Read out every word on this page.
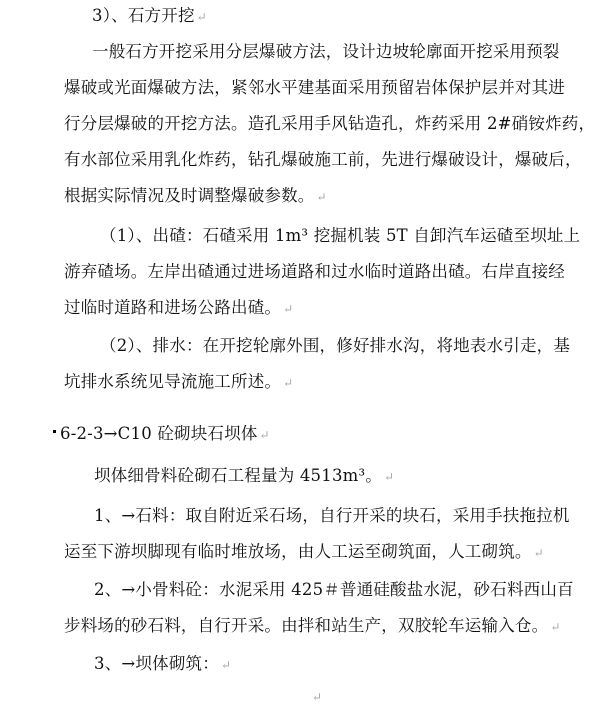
3）、石方开挖 ↵
一般石方开挖采用分层爆破方法，设计边坡轮廓面开挖采用预裂
爆破或光面爆破方法，紧邻水平建基面采用预留岩体保护层并对其进
行分层爆破的开挖方法。造孔采用手风钻造孔，炸药采用 2#硝铵炸药，
有水部位采用乳化炸药，钻孔爆破施工前，先进行爆破设计，爆破后，
根据实际情况及时调整爆破参数。 ↵
（1）、出碴：石碴采用 1m³ 挖掘机装 5T 自卸汽车运碴至坝址上
游弃碴场。左岸出碴通过进场道路和过水临时道路出碴。右岸直接经
过临时道路和进场公路出碴。 ↵
（2）、排水：在开挖轮廓外围，修好排水沟，将地表水引走，基
坑排水系统见导流施工所述。 ↵
6-2-3→C10 砼砌块石坝体 ↵
坝体细骨料砼砌石工程量为 4513m³。 ↵
1、→石料：取自附近采石场，自行开采的块石，采用手扶拖拉机
运至下游坝脚现有临时堆放场，由人工运至砌筑面，人工砌筑。 ↵
2、→小骨料砼：水泥采用 425＃普通硅酸盐水泥，砂石料西山百
步料场的砂石料，自行开采。由拌和站生产，双胶轮车运输入仓。 ↵
3、→坝体砌筑： ↵
↵
